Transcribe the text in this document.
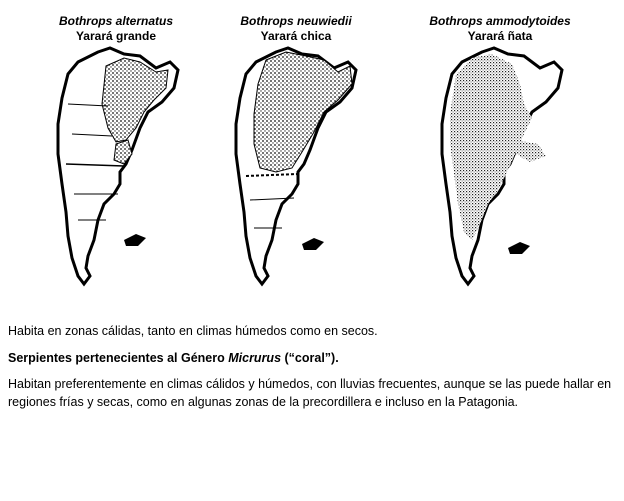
Bothrops alternatus
Yarará grande
Bothrops neuwiedii
Yarará chica
Bothrops ammodytoides
Yarará ñata
Habita en zonas cálidas, tanto en climas húmedos como en secos.
Serpientes pertenecientes al Género Micrurus (“coral”).
Habitan preferentemente en climas cálidos y húmedos, con lluvias frecuentes, aunque se las puede hallar en regiones frías y secas, como en algunas zonas de la precordillera e incluso en la Patagonia.
